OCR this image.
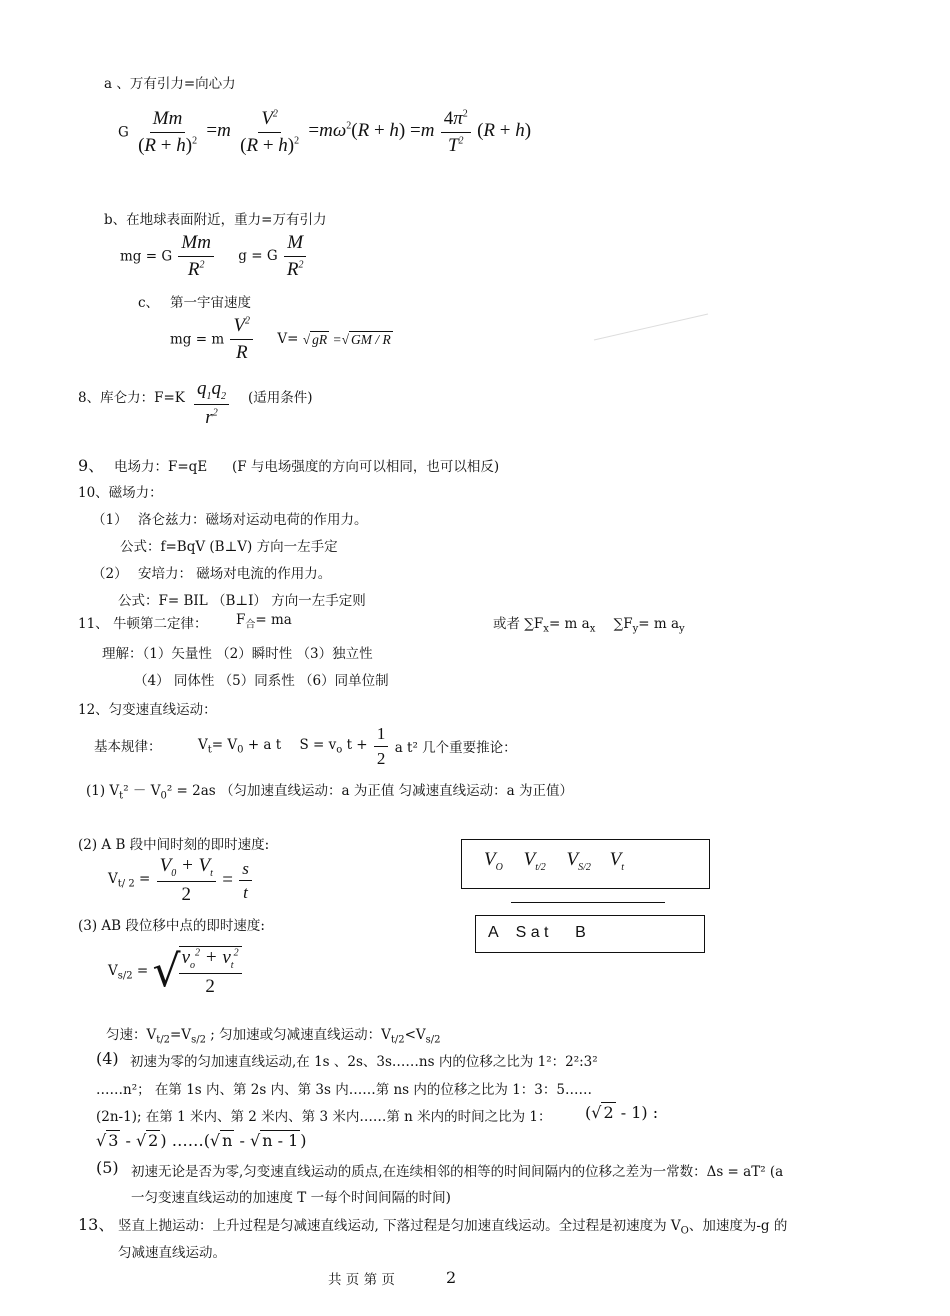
a 、万有引力=向心力
G $\frac{Mm}{(R + h)^2} =m \frac{V^2}{(R + h)^2} =m\omega^2(R + h) =m \frac{4\pi^2}{T^2} (R + h)$
b、在地球表面附近，重力=万有引力
mg = G $\frac{Mm}{R^2}$ g = G $\frac{M}{R^2}$
c、 第一宇宙速度
mg = m $\frac{V^2}{R} V=$ √ gR =√ GM / R
8、库仑力：$F=K \frac{q_1q_2}{r^2}$ (适用条件)
9、 电场力：F=qE (F 与电场强度的方向可以相同，也可以相反)
10、磁场力：
（1） 洛仑兹力：磁场对运动电荷的作用力。
公式：f=BqV (B⊥V) 方向一左手定
（2） 安培力： 磁场对电流的作用力。
公式：F= BIL （B⊥I） 方向一左手定则
11、 牛顿第二定律： $F_合=$ ma	或者 $\sum F_x= m$ $a_x$ $\sum F_y= m$ $a_y$
理解：（1）矢量性 （2）瞬时性 （3）独立性
（4） 同体性 （5）同系性 （6）同单位制
12、匀变速直线运动：
基本规律：	$V_t= V_0 + a$ t $S = v_o$ $t + \frac{1}{2}$ a t² 几个重要推论：
(1) $V_t^2 - V_0^2 = 2as$ （匀加速直线运动：a 为正值 匀减速直线运动：a 为正值）
(2) A B 段中间时刻的即时速度:
$V_{t/ 2} = \frac{V_0 + V_t}{2} = \frac{s}{t}$	$V_O$ $V_{t/2}$ $V_{S/2}$ $V_t$
A    S a t      B
(3) AB 段位移中点的即时速度:
$V_{s/2}$ = √
$\frac{v_o^2 + v_t^2}{2}$
匀速：$V_{t/2}=V_{s/2}$ ; 匀加速或匀减速直线运动：$V_{t/2}<V_{s/2}$
(4) 初速为零的匀加速直线运动,在 1s 、2s、3s……ns 内的位移之比为 1²：2²:3²
……n²； 在第 1s 内、第 2s 内、第 3s 内……第 ns 内的位移之比为 1：3：5……
(2n-1); 在第 1 米内、第 2 米内、第 3 米内……第 n 米内的时间之比为 1： (√ 2 - 1) :
√ 3 - √ 2 ) ……(√ n - √ n - 1 )
(5) 初速无论是否为零,匀变速直线运动的质点,在连续相邻的相等的时间间隔内的位移之差为一常数：Δs = aT² (a
一匀变速直线运动的加速度 T 一每个时间间隔的时间)
13、 竖直上抛运动：上升过程是匀减速直线运动, 下落过程是匀加速直线运动。全过程是初速度为 $V_O$、加速度为-g 的
匀减速直线运动。
共 页 第 页	2
